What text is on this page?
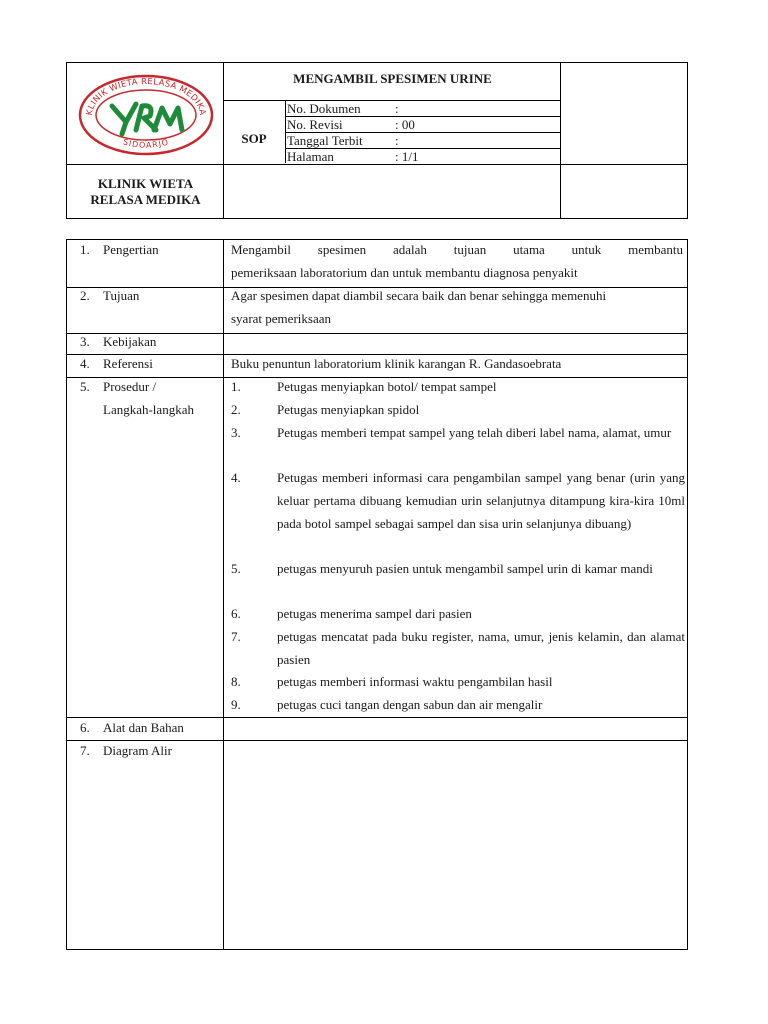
KLINIK WIETA RELASA MEDIKA
SIDOARJO
MENGAMBIL SPESIMEN URINE
SOP
No. Dokumen	:
No. Revisi	: 00
Tanggal Terbit :
Halaman	: 1/1
KLINIK WIETA
RELASA MEDIKA
1. Pengertian	Mengambil spesimen adalah tujuan utama untuk membantu
pemeriksaan laboratorium dan untuk membantu diagnosa penyakit
2. Tujuan	Agar spesimen dapat diambil secara baik dan benar sehingga memenuhi
syarat pemeriksaan
3. Kebijakan
4. Referensi	Buku penuntun laboratorium klinik karangan R. Gandasoebrata
5. Prosedur /
Langkah-langkah
1.	Petugas menyiapkan botol/ tempat sampel
2.	Petugas menyiapkan spidol
3.	Petugas memberi tempat sampel yang telah diberi label nama, alamat, umur
4.	Petugas memberi informasi cara pengambilan sampel yang benar (urin yang keluar pertama dibuang kemudian urin selanjutnya ditampung kira-kira 10ml pada botol sampel sebagai sampel dan sisa urin selanjunya dibuang)
5.	petugas menyuruh pasien untuk mengambil sampel urin di kamar mandi
6.	petugas menerima sampel dari pasien
7.	petugas mencatat pada buku register, nama, umur, jenis kelamin, dan alamat pasien
8.	petugas memberi informasi waktu pengambilan hasil
9.	petugas cuci tangan dengan sabun dan air mengalir
6. Alat dan Bahan
7. Diagram Alir
